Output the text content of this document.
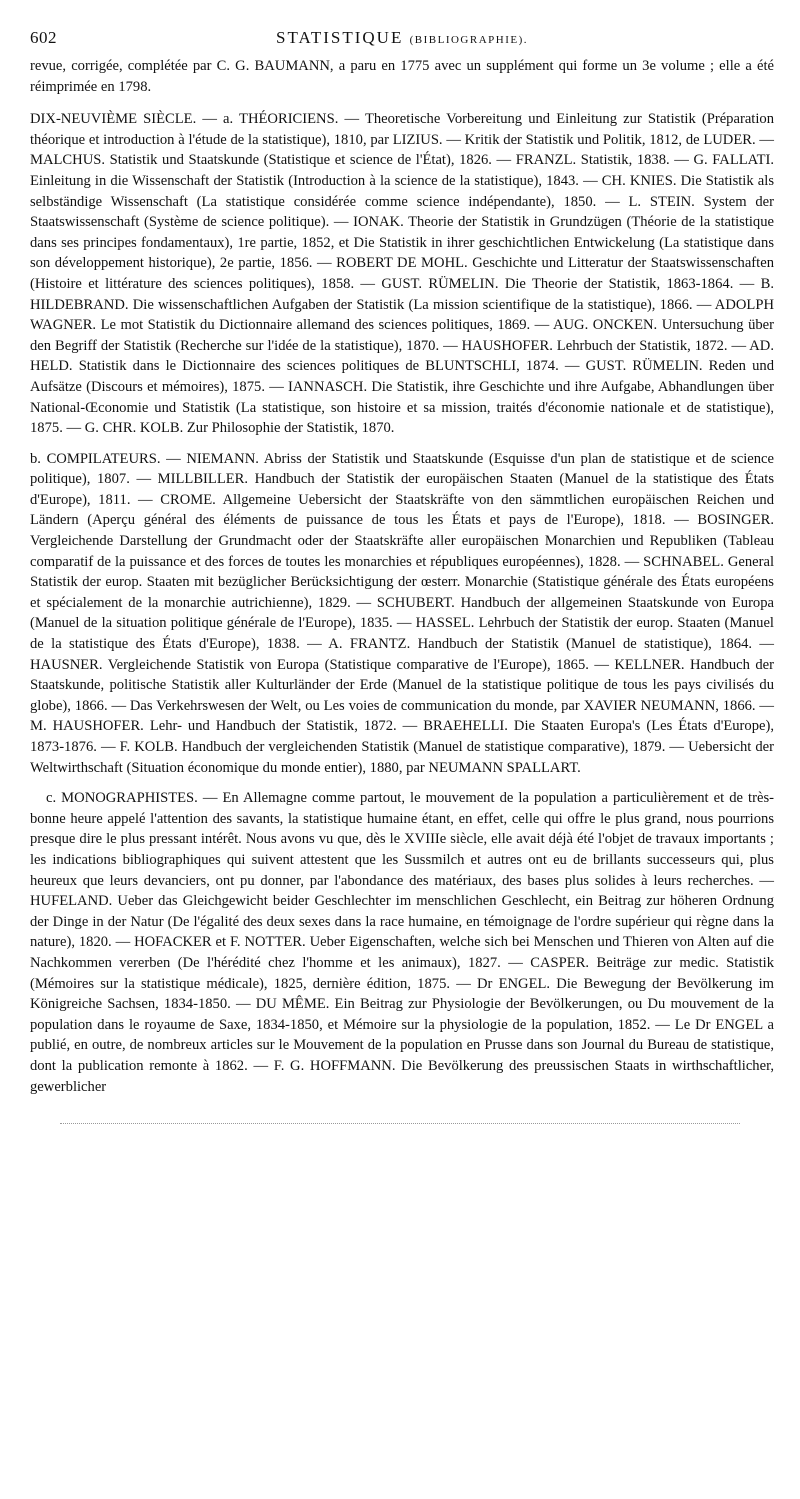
602	STATISTIQUE (BIBLIOGRAPHIE).

revue, corrigée, complétée par C. G. BAUMANN, a paru en 1775 avec un supplément qui forme un 3e volume ; elle a été réimprimée en 1798.

DIX-NEUVIÈME SIÈCLE. — a. THÉORICIENS. — Theoretische Vorbereitung und Einleitung zur Statistik (Préparation théorique et introduction à l'étude de la statistique), 1810, par LIZIUS. — Kritik der Statistik und Politik, 1812, de LUDER. — MALCHUS. Statistik und Staatskunde (Statistique et science de l'État), 1826. — FRANZL. Statistik, 1838. — G. FALLATI. Einleitung in die Wissenschaft der Statistik (Introduction à la science de la statistique), 1843. — CH. KNIES. Die Statistik als selbständige Wissenschaft (La statistique considérée comme science indépendante), 1850. — L. STEIN. System der Staatswissenschaft (Système de science politique). — IONAK. Theorie der Statistik in Grundzügen (Théorie de la statistique dans ses principes fondamentaux), 1re partie, 1852, et Die Statistik in ihrer geschichtlichen Entwickelung (La statistique dans son développement historique), 2e partie, 1856. — ROBERT DE MOHL. Geschichte und Litteratur der Staatswissenschaften (Histoire et littérature des sciences politiques), 1858. — GUST. RÜMELIN. Die Theorie der Statistik, 1863-1864. — B. HILDEBRAND. Die wissenschaftlichen Aufgaben der Statistik (La mission scientifique de la statistique), 1866. — ADOLPH WAGNER. Le mot Statistik du Dictionnaire allemand des sciences politiques, 1869. — AUG. ONCKEN. Untersuchung über den Begriff der Statistik (Recherche sur l'idée de la statistique), 1870. — HAUSHOFER. Lehrbuch der Statistik, 1872. — AD. HELD. Statistik dans le Dictionnaire des sciences politiques de BLUNTSCHLI, 1874. — GUST. RÜMELIN. Reden und Aufsätze (Discours et mémoires), 1875. — IANNASCH. Die Statistik, ihre Geschichte und ihre Aufgabe, Abhandlungen über National-Œconomie und Statistik (La statistique, son histoire et sa mission, traités d'économie nationale et de statistique), 1875. — G. CHR. KOLB. Zur Philosophie der Statistik, 1870.

b. COMPILATEURS. — NIEMANN. Abriss der Statistik und Staatskunde (Esquisse d'un plan de statistique et de science politique), 1807. — MILLBILLER. Handbuch der Statistik der europäischen Staaten (Manuel de la statistique des États d'Europe), 1811. — CROME. Allgemeine Uebersicht der Staatskräfte von den sämmtlichen europäischen Reichen und Ländern (Aperçu général des éléments de puissance de tous les États et pays de l'Europe), 1818. — BOSINGER. Vergleichende Darstellung der Grundmacht oder der Staatskräfte aller europäischen Monarchien und Republiken (Tableau comparatif de la puissance et des forces de toutes les monarchies et républiques européennes), 1828. — SCHNABEL. General Statistik der europ. Staaten mit bezüglicher Berücksichtigung der œsterr. Monarchie (Statistique générale des États européens et spécialement de la monarchie autrichienne), 1829. — SCHUBERT. Handbuch der allgemeinen Staatskunde von Europa (Manuel de la situation politique générale de l'Europe), 1835. — HASSEL. Lehrbuch der Statistik der europ. Staaten (Manuel de la statistique des États d'Europe), 1838. — A. FRANTZ. Handbuch der Statistik (Manuel de statistique), 1864. — HAUSNER. Vergleichende Statistik von Europa (Statistique comparative de l'Europe), 1865. — KELLNER. Handbuch der Staatskunde, politische Statistik aller Kulturländer der Erde (Manuel de la statistique politique de tous les pays civilisés du globe), 1866. — Das Verkehrswesen der Welt, ou Les voies de communication du monde, par XAVIER NEUMANN, 1866. — M. HAUSHOFER. Lehr- und Handbuch der Statistik, 1872. — BRAEHELLI. Die Staaten Europa's (Les États d'Europe), 1873-1876. — F. KOLB. Handbuch der vergleichenden Statistik (Manuel de statistique comparative), 1879. — Uebersicht der Weltwirthschaft (Situation économique du monde entier), 1880, par NEUMANN SPALLART.

c. MONOGRAPHISTES. — En Allemagne comme partout, le mouvement de la population a particulièrement et de très-bonne heure appelé l'attention des savants, la statistique humaine étant, en effet, celle qui offre le plus grand, nous pourrions presque dire le plus pressant intérêt. Nous avons vu que, dès le XVIIIe siècle, elle avait déjà été l'objet de travaux importants ; les indications bibliographiques qui suivent attestent que les Sussmilch et autres ont eu de brillants successeurs qui, plus heureux que leurs devanciers, ont pu donner, par l'abondance des matériaux, des bases plus solides à leurs recherches. — HUFELAND. Ueber das Gleichgewicht beider Geschlechter im menschlichen Geschlecht, ein Beitrag zur höheren Ordnung der Dinge in der Natur (De l'égalité des deux sexes dans la race humaine, en témoignage de l'ordre supérieur qui règne dans la nature), 1820. — HOFACKER et F. NOTTER. Ueber Eigenschaften, welche sich bei Menschen und Thieren von Alten auf die Nachkommen vererben (De l'hérédité chez l'homme et les animaux), 1827. — CASPER. Beiträge zur medic. Statistik (Mémoires sur la statistique médicale), 1825, dernière édition, 1875. — Dr ENGEL. Die Bewegung der Bevölkerung im Königreiche Sachsen, 1834-1850. — DU MÊME. Ein Beitrag zur Physiologie der Bevölkerungen, ou Du mouvement de la population dans le royaume de Saxe, 1834-1850, et Mémoire sur la physiologie de la population, 1852. — Le Dr ENGEL a publié, en outre, de nombreux articles sur le Mouvement de la population en Prusse dans son Journal du Bureau de statistique, dont la publication remonte à 1862. — F. G. HOFFMANN. Die Bevölkerung des preussischen Staats in wirthschaftlicher, gewerblicher
